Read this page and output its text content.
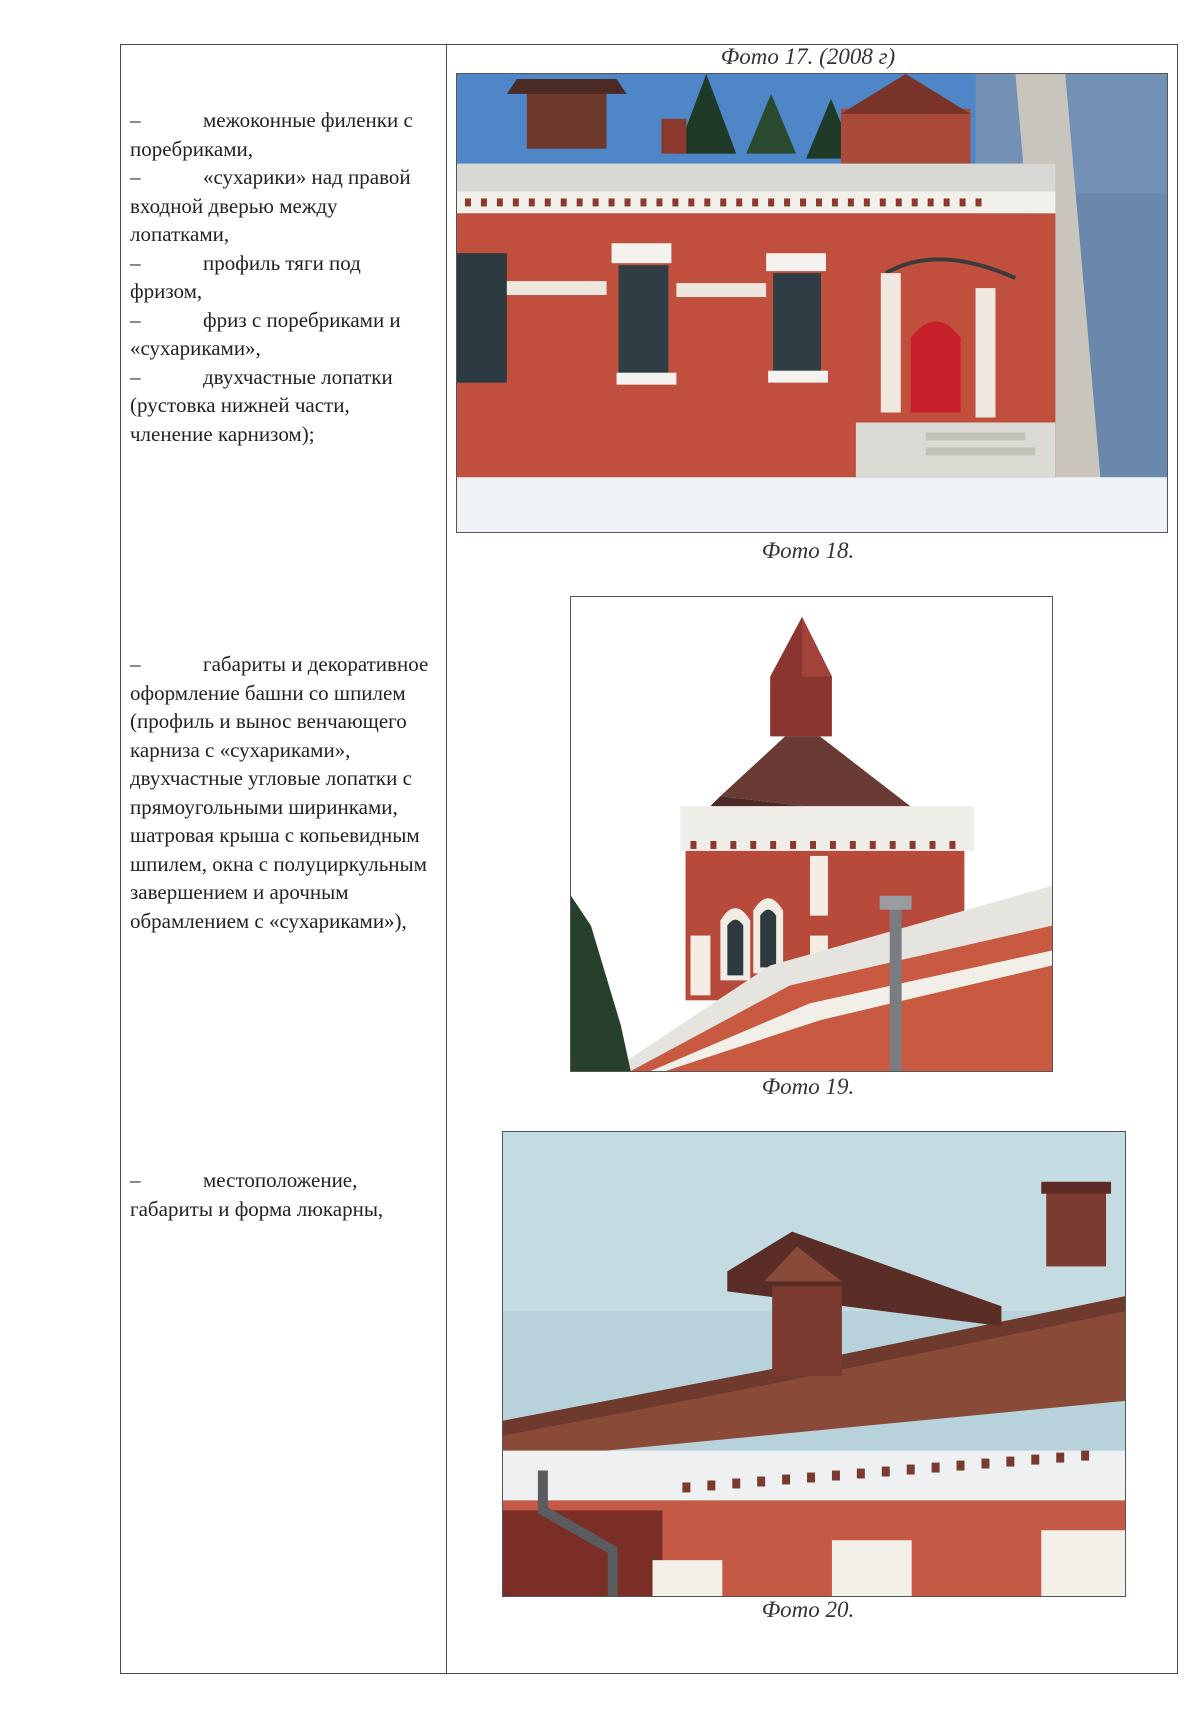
–	межоконные филенки с поребриками,

–	«сухарики» над правой входной дверью между лопатками,

–	профиль тяги под фризом,

–	фриз с поребриками и «сухариками»,

–	двухчастные лопатки (рустовка нижней части, членение карнизом);

–	габариты и декоративное оформление башни со шпилем (профиль и вынос венчающего карниза с «сухариками», двухчастные угловые лопатки с прямоугольными ширинками, шатровая крыша с копьевидным шпилем, окна с полуциркульным завершением и арочным обрамлением с «сухариками»),

–	местоположение, габариты и форма люкарны,

Фото 17. (2008 г)
Фото 18.
Фото 19.
Фото 20.
